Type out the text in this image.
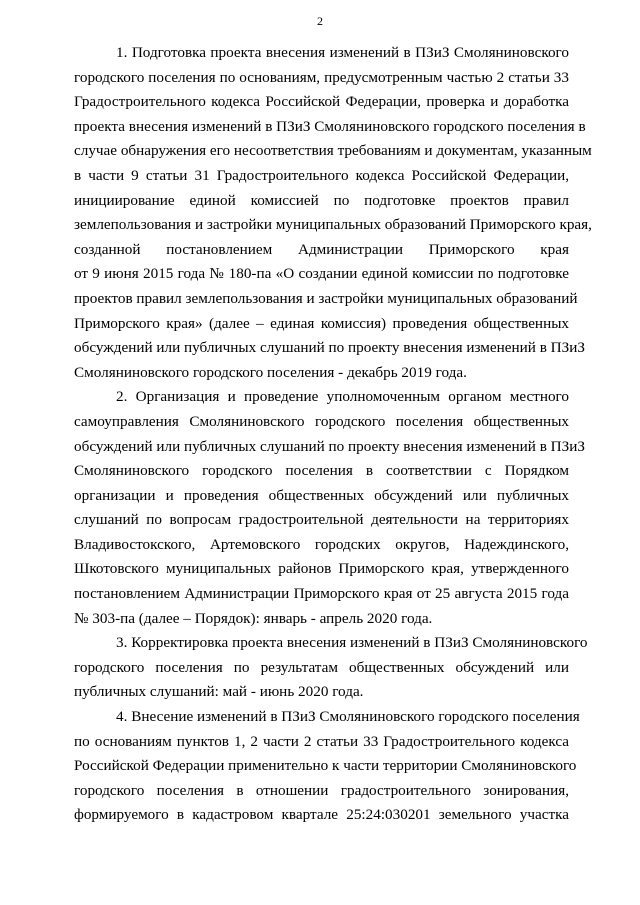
2
1. Подготовка проекта внесения изменений в ПЗиЗ Смоляниновского
городского поселения по основаниям, предусмотренным частью 2 статьи 33
Градостроительного кодекса Российской Федерации, проверка и доработка
проекта внесения изменений в ПЗиЗ Смоляниновского городского поселения в
случае обнаружения его несоответствия требованиям и документам, указанным
в части 9 статьи 31 Градостроительного кодекса Российской Федерации,
инициирование единой комиссией по подготовке проектов правил
землепользования и застройки муниципальных образований Приморского края,
созданной постановлением Администрации Приморского края
от 9 июня 2015 года № 180-па «О создании единой комиссии по подготовке
проектов правил землепользования и застройки муниципальных образований
Приморского края» (далее – единая комиссия) проведения общественных
обсуждений или публичных слушаний по проекту внесения изменений в ПЗиЗ
Смоляниновского городского поселения - декабрь 2019 года.
2. Организация и проведение уполномоченным органом местного
самоуправления Смоляниновского городского поселения общественных
обсуждений или публичных слушаний по проекту внесения изменений в ПЗиЗ
Смоляниновского городского поселения в соответствии с Порядком
организации и проведения общественных обсуждений или публичных
слушаний по вопросам градостроительной деятельности на территориях
Владивостокского, Артемовского городских округов, Надеждинского,
Шкотовского муниципальных районов Приморского края, утвержденного
постановлением Администрации Приморского края от 25 августа 2015 года
№ 303-па (далее – Порядок): январь - апрель 2020 года.
3. Корректировка проекта внесения изменений в ПЗиЗ Смоляниновского
городского поселения по результатам общественных обсуждений или
публичных слушаний: май - июнь 2020 года.
4. Внесение изменений в ПЗиЗ Смоляниновского городского поселения
по основаниям пунктов 1, 2 части 2 статьи 33 Градостроительного кодекса
Российской Федерации применительно к части территории Смоляниновского
городского поселения в отношении градостроительного зонирования,
формируемого в кадастровом квартале 25:24:030201 земельного участка
